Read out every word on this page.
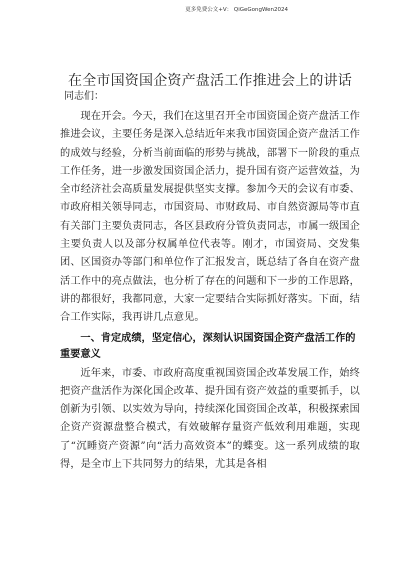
更多免费公文+V： QiGeGongWen2024
在全市国资国企资产盘活工作推进会上的讲话

同志们：

现在开会。今天，我们在这里召开全市国资国企资产盘活工作推进会议，主要任务是深入总结近年来我市国资国企资产盘活工作的成效与经验，分析当前面临的形势与挑战，部署下一阶段的重点工作任务，进一步激发国资国企活力，提升国有资产运营效益，为全市经济社会高质量发展提供坚实支撑。参加今天的会议有市委、市政府相关领导同志，市国资局、市财政局、市自然资源局等市直有关部门主要负责同志，各区县政府分管负责同志，市属一级国企主要负责人以及部分权属单位代表等。刚才，市国资局、交发集团、区国资办等部门和单位作了汇报发言，既总结了各自在资产盘活工作中的亮点做法，也分析了存在的问题和下一步的工作思路，讲的都很好，我都同意，大家一定要结合实际抓好落实。下面，结合工作实际，我再讲几点意见。

一、肯定成绩，坚定信心，深刻认识国资国企资产盘活工作的重要意义

近年来，市委、市政府高度重视国资国企改革发展工作，始终把资产盘活作为深化国企改革、提升国有资产效益的重要抓手，以创新为引领、以实效为导向，持续深化国资国企改革，积极探索国企资产资源盘整合模式，有效破解存量资产低效利用难题，实现了“沉睡资产资源”向“活力高效资本”的蝶变。这一系列成绩的取得，是全市上下共同努力的结果，尤其是各相
